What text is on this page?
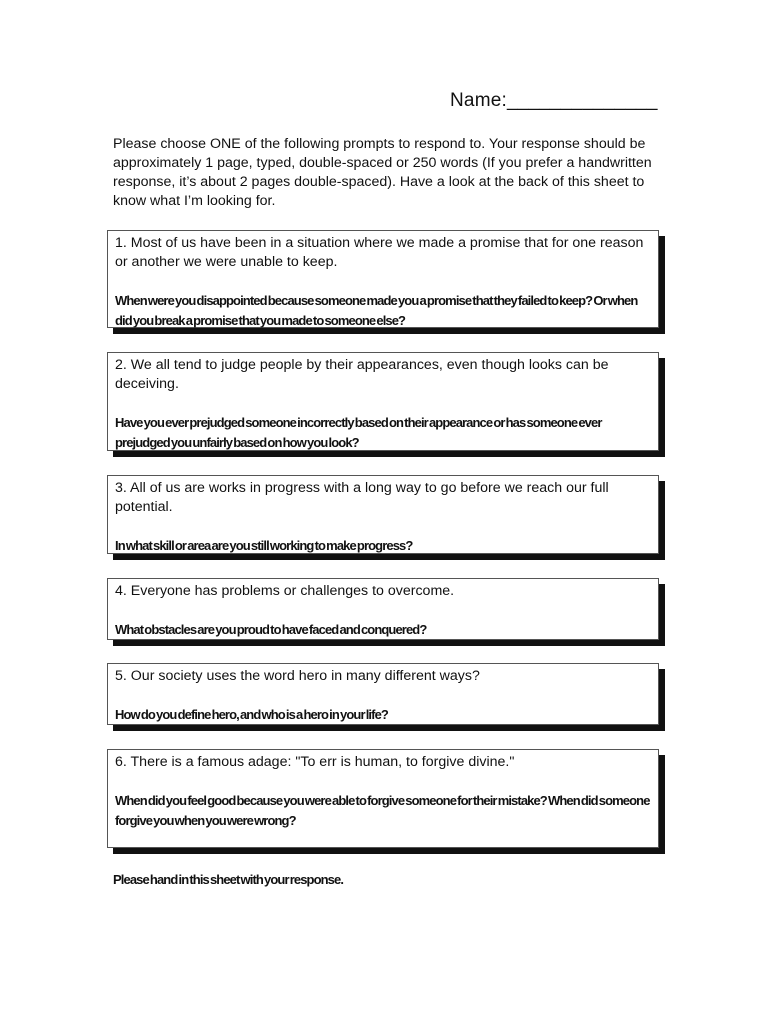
Name:______________

Please choose ONE of the following prompts to respond to. Your response should be approximately 1 page, typed, double-spaced or 250 words (If you prefer a handwritten response, it’s about 2 pages double-spaced). Have a look at the back of this sheet to know what I’m looking for.

1. Most of us have been in a situation where we made a promise that for one reason or another we were unable to keep.

When were you disappointed because someone made you a promise that they failed to keep? Or when did you break a promise that you made to someone else?

2. We all tend to judge people by their appearances, even though looks can be deceiving.

Have you ever prejudged someone incorrectly based on their appearance or has someone ever prejudged you unfairly based on how you look?

3. All of us are works in progress with a long way to go before we reach our full potential.

In what skill or area are you still working to make progress?

4. Everyone has problems or challenges to overcome.

What obstacles are you proud to have faced and conquered?

5. Our society uses the word hero in many different ways?

How do you define hero, and who is a hero in your life?

6. There is a famous adage: "To err is human, to forgive divine."

When did you feel good because you were able to forgive someone for their mistake? When did someone forgive you when you were wrong?

Please hand in this sheet with your response.
